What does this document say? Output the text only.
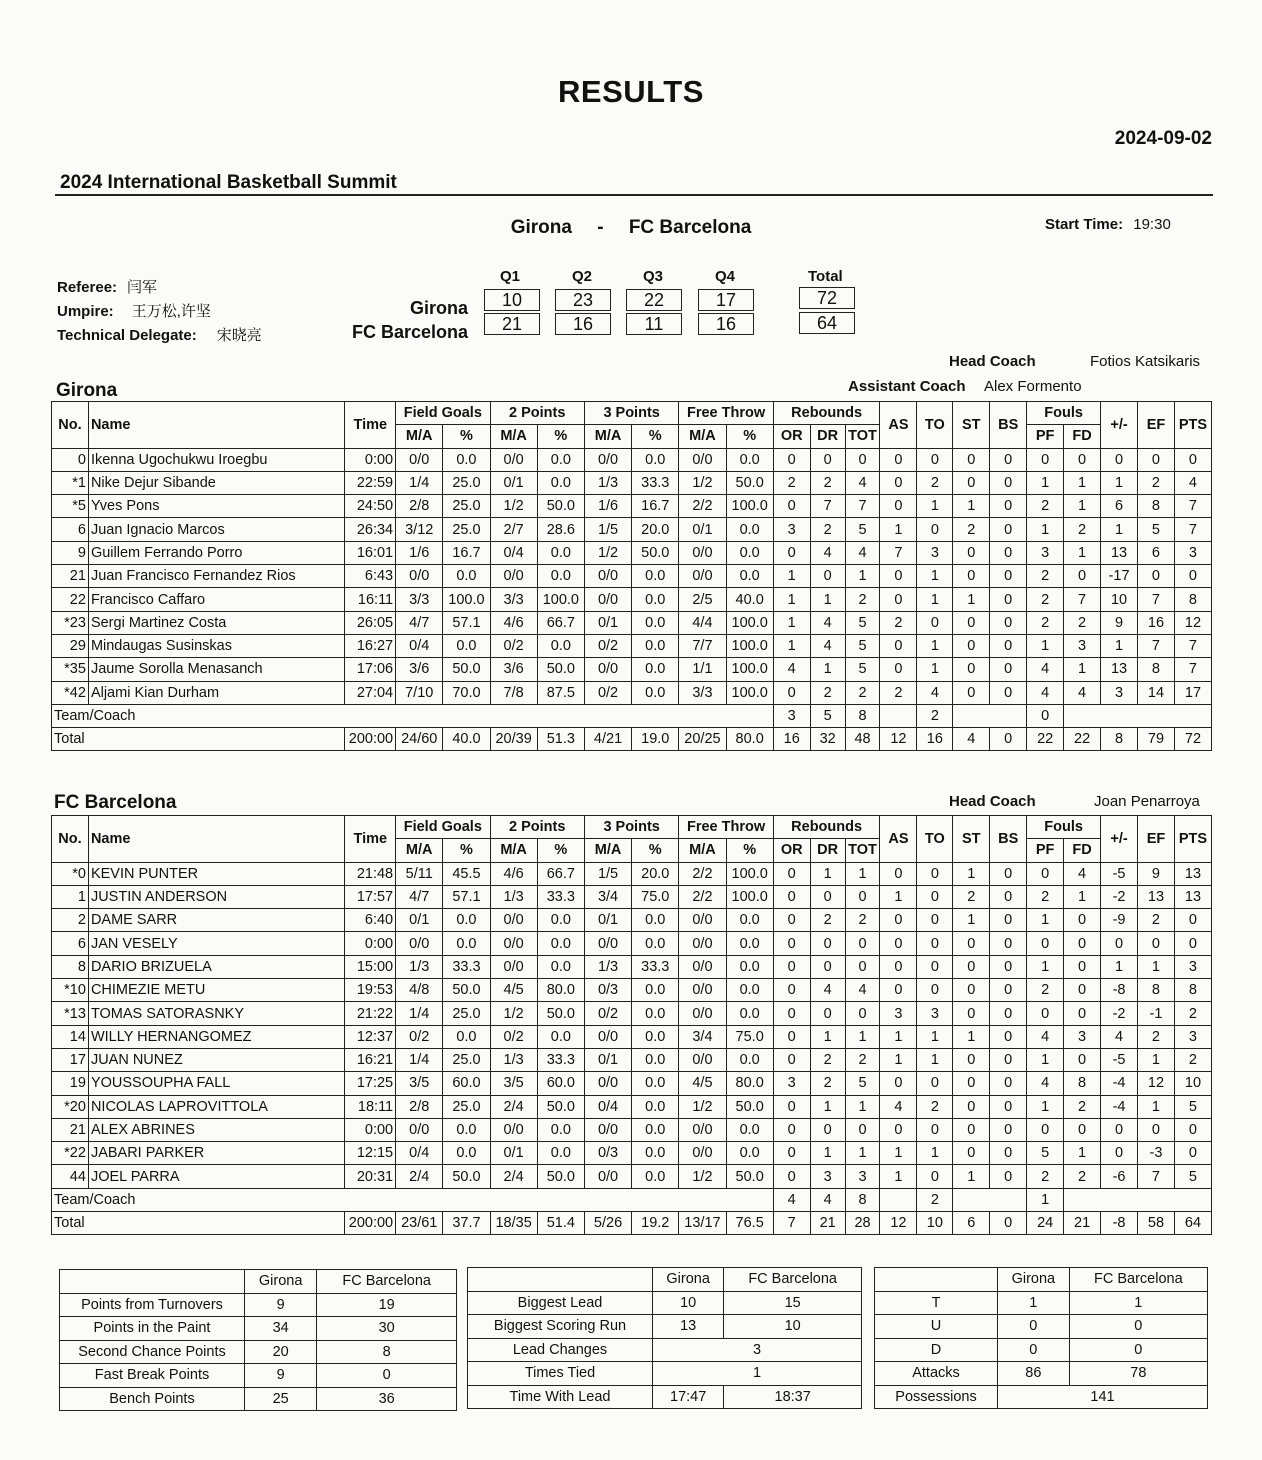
RESULTS
2024-09-02
2024 International Basketball Summit
Girona - FC Barcelona	Start Time: 19:30
Referee: 闫军
Umpire: 王万松,许坚
Technical Delegate: 宋晓亮
Q1	Q2	Q3	Q4	Total
Girona
FC Barcelona
10	23	22	17	72
21	16	11	16	64
Head Coach	Fotios Katsikaris
Assistant Coach Alex Formento
Girona
No.	Name	Time	Field Goals		2 Points		3 Points		Free Throw		Rebounds			AS	TO	ST	BS	Fouls		+/-	EF	PTS
			M/A	%	M/A	%	M/A	%	M/A	%	OR	DR	TOT					PF	FD			
0	Ikenna Ugochukwu Iroegbu	0:00	0/0	0.0	0/0	0.0	0/0	0.0	0/0	0.0	0	0	0	0	0	0	0	0	0	0	0	0
*1	Nike Dejur Sibande	22:59	1/4	25.0	0/1	0.0	1/3	33.3	1/2	50.0	2	2	4	0	2	0	0	1	1	1	2	4
*5	Yves Pons	24:50	2/8	25.0	1/2	50.0	1/6	16.7	2/2	100.0	0	7	7	0	1	1	0	2	1	6	8	7
6	Juan Ignacio Marcos	26:34	3/12	25.0	2/7	28.6	1/5	20.0	0/1	0.0	3	2	5	1	0	2	0	1	2	1	5	7
9	Guillem Ferrando Porro	16:01	1/6	16.7	0/4	0.0	1/2	50.0	0/0	0.0	0	4	4	7	3	0	0	3	1	13	6	3
21	Juan Francisco Fernandez Rios	6:43	0/0	0.0	0/0	0.0	0/0	0.0	0/0	0.0	1	0	1	0	1	0	0	2	0	-17	0	0
22	Francisco Caffaro	16:11	3/3	100.0	3/3	100.0	0/0	0.0	2/5	40.0	1	1	2	0	1	1	0	2	7	10	7	8
*23	Sergi Martinez Costa	26:05	4/7	57.1	4/6	66.7	0/1	0.0	4/4	100.0	1	4	5	2	0	0	0	2	2	9	16	12
29	Mindaugas Susinskas	16:27	0/4	0.0	0/2	0.0	0/2	0.0	7/7	100.0	1	4	5	0	1	0	0	1	3	1	7	7
*35	Jaume Sorolla Menasanch	17:06	3/6	50.0	3/6	50.0	0/0	0.0	1/1	100.0	4	1	5	0	1	0	0	4	1	13	8	7
*42	Aljami Kian Durham	27:04	7/10	70.0	7/8	87.5	0/2	0.0	3/3	100.0	0	2	2	2	4	0	0	4	4	3	14	17
Team/Coach											3	5	8		2			0				
Total		200:00	24/60	40.0	20/39	51.3	4/21	19.0	20/25	80.0	16	32	48	12	16	4	0	22	22	8	79	72
Head Coach	Joan Penarroya
FC Barcelona
No.	Name	Time	Field Goals		2 Points		3 Points		Free Throw		Rebounds			AS	TO	ST	BS	Fouls		+/-	EF	PTS
			M/A	%	M/A	%	M/A	%	M/A	%	OR	DR	TOT					PF	FD			
*0	KEVIN PUNTER	21:48	5/11	45.5	4/6	66.7	1/5	20.0	2/2	100.0	0	1	1	0	0	1	0	0	4	-5	9	13
1	JUSTIN ANDERSON	17:57	4/7	57.1	1/3	33.3	3/4	75.0	2/2	100.0	0	0	0	1	0	2	0	2	1	-2	13	13
2	DAME SARR	6:40	0/1	0.0	0/0	0.0	0/1	0.0	0/0	0.0	0	2	2	0	0	1	0	1	0	-9	2	0
6	JAN VESELY	0:00	0/0	0.0	0/0	0.0	0/0	0.0	0/0	0.0	0	0	0	0	0	0	0	0	0	0	0	0
8	DARIO BRIZUELA	15:00	1/3	33.3	0/0	0.0	1/3	33.3	0/0	0.0	0	0	0	0	0	0	0	1	0	1	1	3
*10	CHIMEZIE METU	19:53	4/8	50.0	4/5	80.0	0/3	0.0	0/0	0.0	0	4	4	0	0	0	0	2	0	-8	8	8
*13	TOMAS SATORASNKY	21:22	1/4	25.0	1/2	50.0	0/2	0.0	0/0	0.0	0	0	0	3	3	0	0	0	0	-2	-1	2
14	WILLY HERNANGOMEZ	12:37	0/2	0.0	0/2	0.0	0/0	0.0	3/4	75.0	0	1	1	1	1	1	0	4	3	4	2	3
17	JUAN NUNEZ	16:21	1/4	25.0	1/3	33.3	0/1	0.0	0/0	0.0	0	2	2	1	1	0	0	1	0	-5	1	2
19	YOUSSOUPHA FALL	17:25	3/5	60.0	3/5	60.0	0/0	0.0	4/5	80.0	3	2	5	0	0	0	0	4	8	-4	12	10
*20	NICOLAS LAPROVITTOLA	18:11	2/8	25.0	2/4	50.0	0/4	0.0	1/2	50.0	0	1	1	4	2	0	0	1	2	-4	1	5
21	ALEX ABRINES	0:00	0/0	0.0	0/0	0.0	0/0	0.0	0/0	0.0	0	0	0	0	0	0	0	0	0	0	0	0
*22	JABARI PARKER	12:15	0/4	0.0	0/1	0.0	0/3	0.0	0/0	0.0	0	1	1	1	1	0	0	5	1	0	-3	0
44	JOEL PARRA	20:31	2/4	50.0	2/4	50.0	0/0	0.0	1/2	50.0	0	3	3	1	0	1	0	2	2	-6	7	5
Team/Coach											4	4	8		2			1				
Total		200:00	23/61	37.7	18/35	51.4	5/26	19.2	13/17	76.5	7	21	28	12	10	6	0	24	21	-8	58	64
	Girona	FC Barcelona
Points from Turnovers	9	19
Points in the Paint	34	30
Second Chance Points	20	8
Fast Break Points	9	0
Bench Points	25	36
	Girona	FC Barcelona
Biggest Lead	10	15
Biggest Scoring Run	13	10
Lead Changes	3	
Times Tied	1	
Time With Lead	17:47	18:37
	Girona	FC Barcelona
T	1	1
U	0	0
D	0	0
Attacks	86	78
Possessions	141	
